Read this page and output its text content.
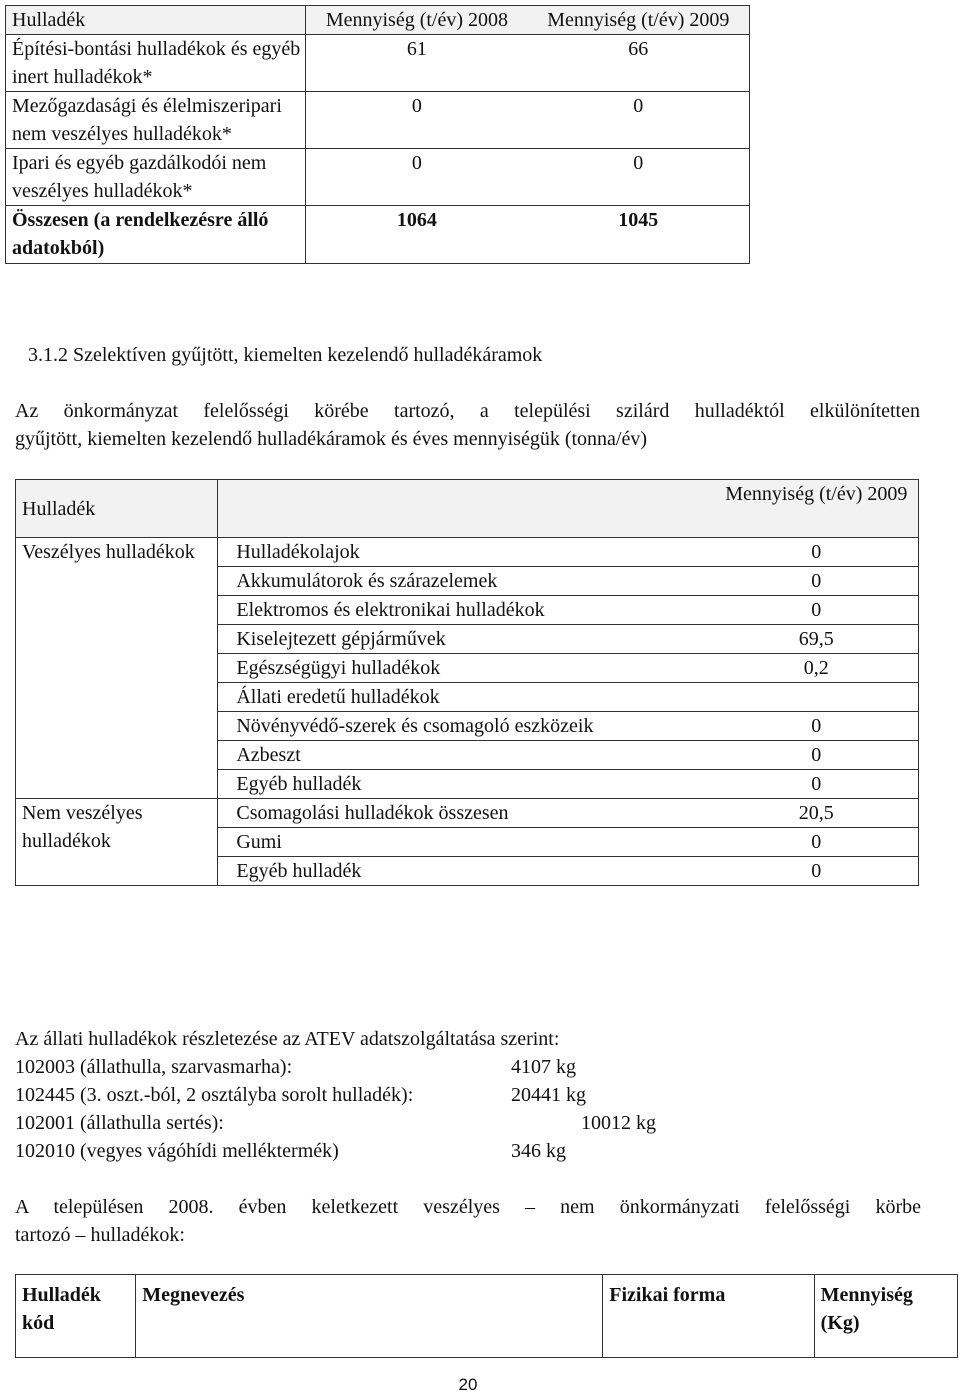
Hulladék	Mennyiség (t/év) 2008	Mennyiség (t/év) 2009
Építési-bontási hulladékok és egyéb inert hulladékok*	61	66
Mezőgazdasági és élelmiszeripari nem veszélyes hulladékok*	0	0
Ipari és egyéb gazdálkodói nem veszélyes hulladékok*	0	0
Összesen (a rendelkezésre álló adatokból)	1064	1045
3.1.2 Szelektíven gyűjtött, kiemelten kezelendő hulladékáramok
Az önkormányzat felelősségi körébe tartozó, a települési szilárd hulladéktól elkülönítetten
gyűjtött, kiemelten kezelendő hulladékáramok és éves mennyiségük (tonna/év)
Hulladék		Mennyiség (t/év) 2009
Veszélyes hulladékok	Hulladékolajok	0
	Akkumulátorok és szárazelemek	0
	Elektromos és elektronikai hulladékok	0
	Kiselejtezett gépjárművek	69,5
	Egészségügyi hulladékok	0,2
	Állati eredetű hulladékok	
	Növényvédő-szerek és csomagoló eszközeik	0
	Azbeszt	0
	Egyéb hulladék	0
Nem veszélyes hulladékok	Csomagolási hulladékok összesen	20,5
	Gumi	0
	Egyéb hulladék	0
Az állati hulladékok részletezése az ATEV adatszolgáltatása szerint:
102003 (állathulla, szarvasmarha):	4107 kg
102445 (3. oszt.-ból, 2 osztályba sorolt hulladék):	20441 kg
102001 (állathulla sertés):	10012 kg
102010 (vegyes vágóhídi melléktermék)	346 kg
A településen 2008. évben keletkezett veszélyes – nem önkormányzati felelősségi körbe
tartozó – hulladékok:
Hulladék kód	Megnevezés	Fizikai forma	Mennyiség (Kg)
20
